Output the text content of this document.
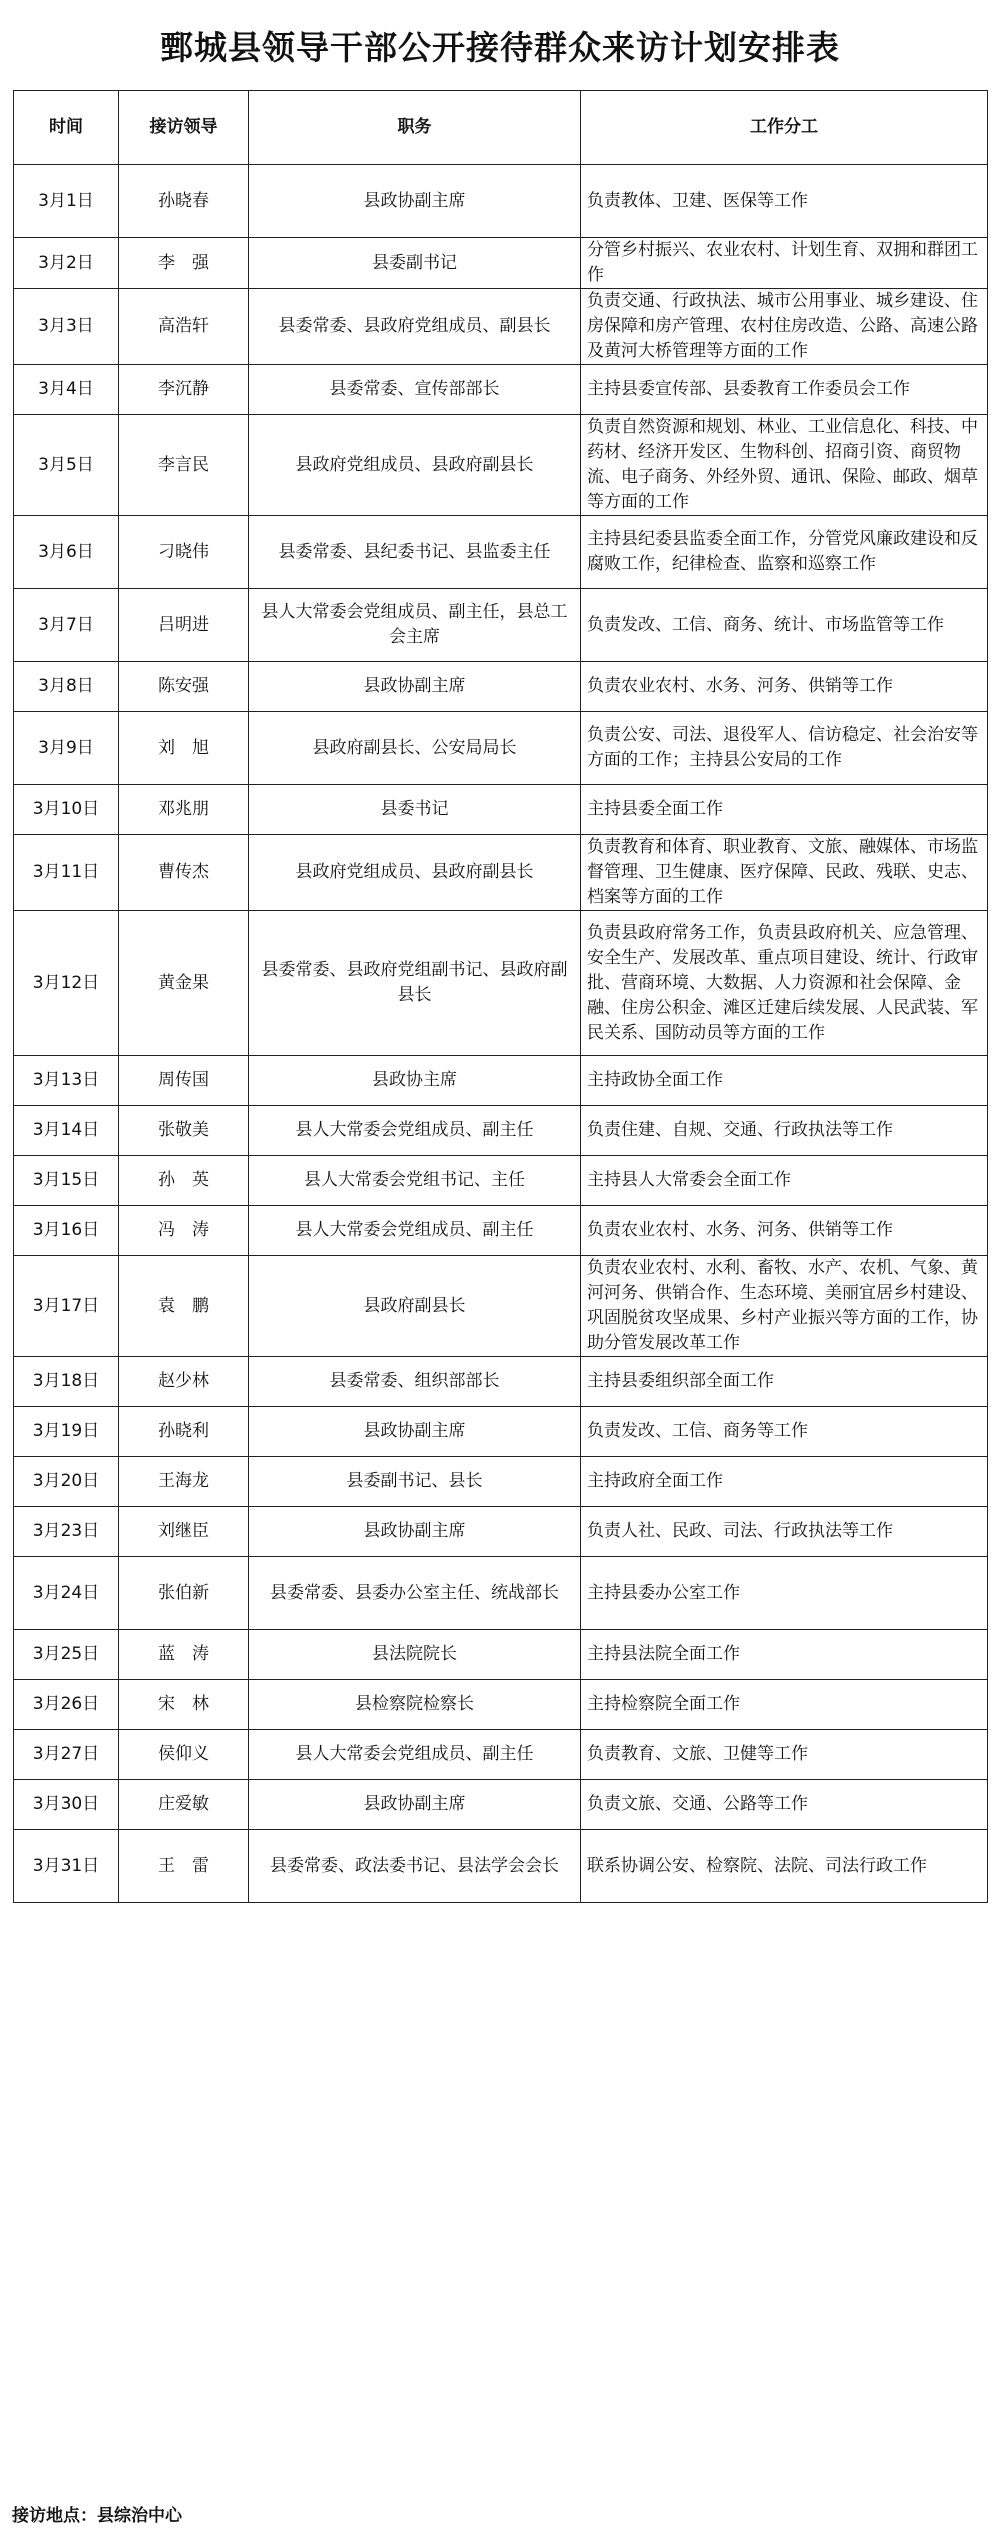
鄄城县领导干部公开接待群众来访计划安排表
时间	接访领导	职务	工作分工
3月1日	孙晓春	县政协副主席	负责教体、卫建、医保等工作
3月2日	李　强	县委副书记	分管乡村振兴、农业农村、计划生育、双拥和群团工作
3月3日	高浩轩	县委常委、县政府党组成员、副县长	负责交通、行政执法、城市公用事业、城乡建设、住房保障和房产管理、农村住房改造、公路、高速公路及黄河大桥管理等方面的工作
3月4日	李沉静	县委常委、宣传部部长	主持县委宣传部、县委教育工作委员会工作
3月5日	李言民	县政府党组成员、县政府副县长	负责自然资源和规划、林业、工业信息化、科技、中药材、经济开发区、生物科创、招商引资、商贸物流、电子商务、外经外贸、通讯、保险、邮政、烟草等方面的工作
3月6日	刁晓伟	县委常委、县纪委书记、县监委主任	主持县纪委县监委全面工作，分管党风廉政建设和反腐败工作，纪律检查、监察和巡察工作
3月7日	吕明进	县人大常委会党组成员、副主任，县总工会主席	负责发改、工信、商务、统计、市场监管等工作
3月8日	陈安强	县政协副主席	负责农业农村、水务、河务、供销等工作
3月9日	刘　旭	县政府副县长、公安局局长	负责公安、司法、退役军人、信访稳定、社会治安等方面的工作；主持县公安局的工作
3月10日	邓兆朋	县委书记	主持县委全面工作
3月11日	曹传杰	县政府党组成员、县政府副县长	负责教育和体育、职业教育、文旅、融媒体、市场监督管理、卫生健康、医疗保障、民政、残联、史志、档案等方面的工作
3月12日	黄金果	县委常委、县政府党组副书记、县政府副县长	负责县政府常务工作，负责县政府机关、应急管理、安全生产、发展改革、重点项目建设、统计、行政审批、营商环境、大数据、人力资源和社会保障、金融、住房公积金、滩区迁建后续发展、人民武装、军民关系、国防动员等方面的工作
3月13日	周传国	县政协主席	主持政协全面工作
3月14日	张敬美	县人大常委会党组成员、副主任	负责住建、自规、交通、行政执法等工作
3月15日	孙　英	县人大常委会党组书记、主任	主持县人大常委会全面工作
3月16日	冯　涛	县人大常委会党组成员、副主任	负责农业农村、水务、河务、供销等工作
3月17日	袁　鹏	县政府副县长	负责农业农村、水利、畜牧、水产、农机、气象、黄河河务、供销合作、生态环境、美丽宜居乡村建设、巩固脱贫攻坚成果、乡村产业振兴等方面的工作，协助分管发展改革工作
3月18日	赵少林	县委常委、组织部部长	主持县委组织部全面工作
3月19日	孙晓利	县政协副主席	负责发改、工信、商务等工作
3月20日	王海龙	县委副书记、县长	主持政府全面工作
3月23日	刘继臣	县政协副主席	负责人社、民政、司法、行政执法等工作
3月24日	张伯新	县委常委、县委办公室主任、统战部长	主持县委办公室工作
3月25日	蓝　涛	县法院院长	主持县法院全面工作
3月26日	宋　林	县检察院检察长	主持检察院全面工作
3月27日	侯仰义	县人大常委会党组成员、副主任	负责教育、文旅、卫健等工作
3月30日	庄爱敏	县政协副主席	负责文旅、交通、公路等工作
3月31日	王　雷	县委常委、政法委书记、县法学会会长	联系协调公安、检察院、法院、司法行政工作
接访地点：县综治中心
